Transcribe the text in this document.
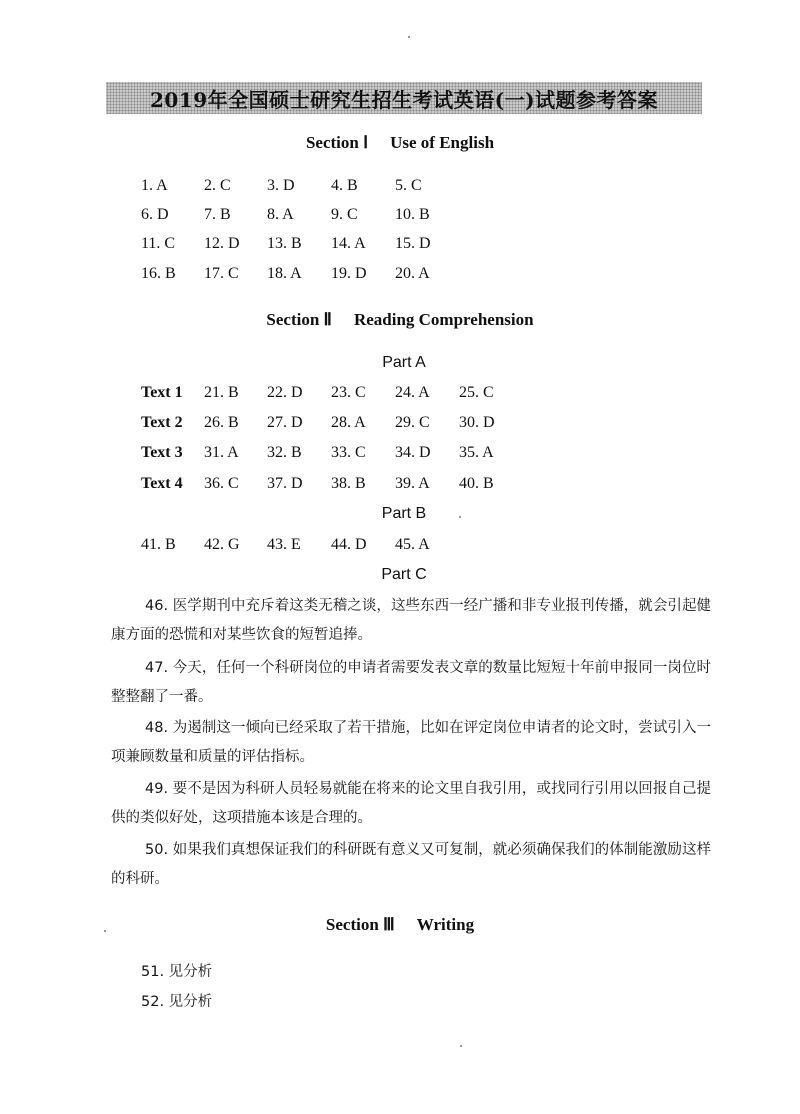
2019年全国硕士研究生招生考试英语(一)试题参考答案
Section Ⅰ Use of English
1. A 2. C 3. D 4. B 5. C
6. D 7. B 8. A 9. C 10. B
11. C 12. D 13. B 14. A 15. D
16. B 17. C 18. A 19. D 20. A
Section Ⅱ Reading Comprehension
Part A
Text 1 21. B 22. D 23. C 24. A 25. C
Text 2 26. B 27. D 28. A 29. C 30. D
Text 3 31. A 32. B 33. C 34. D 35. A
Text 4 36. C 37. D 38. B 39. A 40. B
Part B
41. B 42. G 43. E 44. D 45. A
Part C
46. 医学期刊中充斥着这类无稽之谈，这些东西一经广播和非专业报刊传播，就会引起健康方面的恐慌和对某些饮食的短暂追捧。
47. 今天，任何一个科研岗位的申请者需要发表文章的数量比短短十年前申报同一岗位时整整翻了一番。
48. 为遏制这一倾向已经采取了若干措施，比如在评定岗位申请者的论文时，尝试引入一项兼顾数量和质量的评估指标。
49. 要不是因为科研人员轻易就能在将来的论文里自我引用，或找同行引用以回报自己提供的类似好处，这项措施本该是合理的。
50. 如果我们真想保证我们的科研既有意义又可复制，就必须确保我们的体制能激励这样的科研。
Section Ⅲ Writing
51. 见分析
52. 见分析
